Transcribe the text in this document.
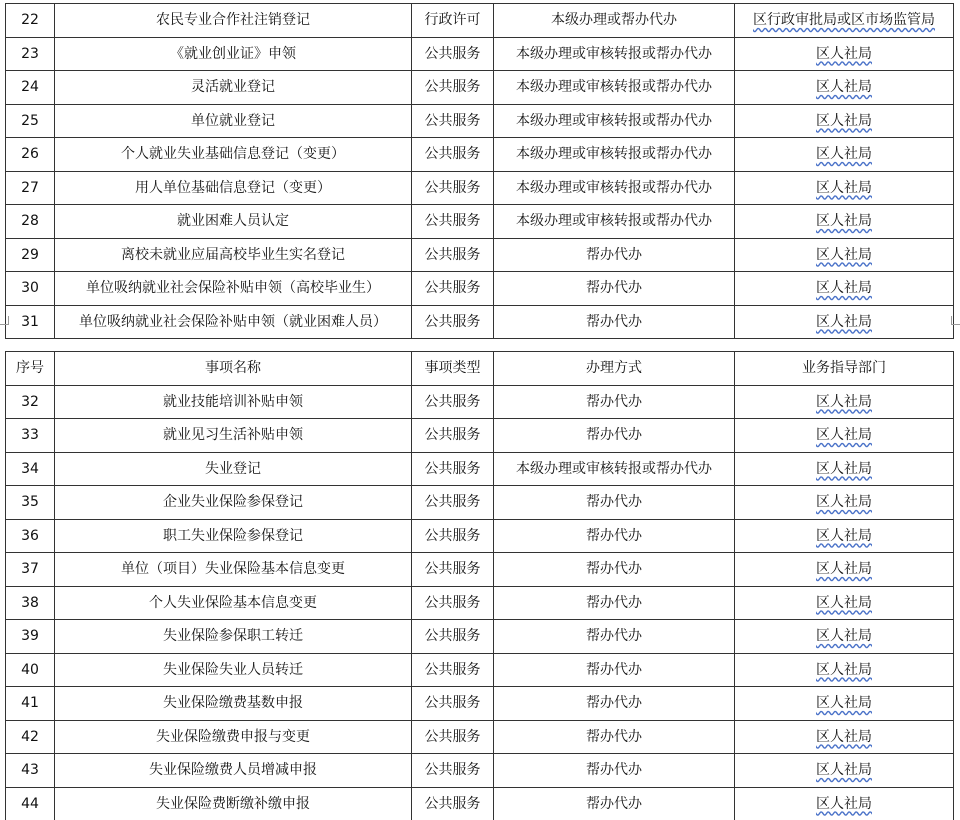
22	农民专业合作社注销登记	行政许可	本级办理或帮办代办	区行政审批局或区市场监管局
23	《就业创业证》申领	公共服务	本级办理或审核转报或帮办代办	区人社局
24	灵活就业登记	公共服务	本级办理或审核转报或帮办代办	区人社局
25	单位就业登记	公共服务	本级办理或审核转报或帮办代办	区人社局
26	个人就业失业基础信息登记（变更）	公共服务	本级办理或审核转报或帮办代办	区人社局
27	用人单位基础信息登记（变更）	公共服务	本级办理或审核转报或帮办代办	区人社局
28	就业困难人员认定	公共服务	本级办理或审核转报或帮办代办	区人社局
29	离校未就业应届高校毕业生实名登记	公共服务	帮办代办	区人社局
30	单位吸纳就业社会保险补贴申领（高校毕业生）	公共服务	帮办代办	区人社局
31	单位吸纳就业社会保险补贴申领（就业困难人员）	公共服务	帮办代办	区人社局
序号	事项名称	事项类型	办理方式	业务指导部门
32	就业技能培训补贴申领	公共服务	帮办代办	区人社局
33	就业见习生活补贴申领	公共服务	帮办代办	区人社局
34	失业登记	公共服务	本级办理或审核转报或帮办代办	区人社局
35	企业失业保险参保登记	公共服务	帮办代办	区人社局
36	职工失业保险参保登记	公共服务	帮办代办	区人社局
37	单位（项目）失业保险基本信息变更	公共服务	帮办代办	区人社局
38	个人失业保险基本信息变更	公共服务	帮办代办	区人社局
39	失业保险参保职工转迁	公共服务	帮办代办	区人社局
40	失业保险失业人员转迁	公共服务	帮办代办	区人社局
41	失业保险缴费基数申报	公共服务	帮办代办	区人社局
42	失业保险缴费申报与变更	公共服务	帮办代办	区人社局
43	失业保险缴费人员增减申报	公共服务	帮办代办	区人社局
44	失业保险费断缴补缴申报	公共服务	帮办代办	区人社局
